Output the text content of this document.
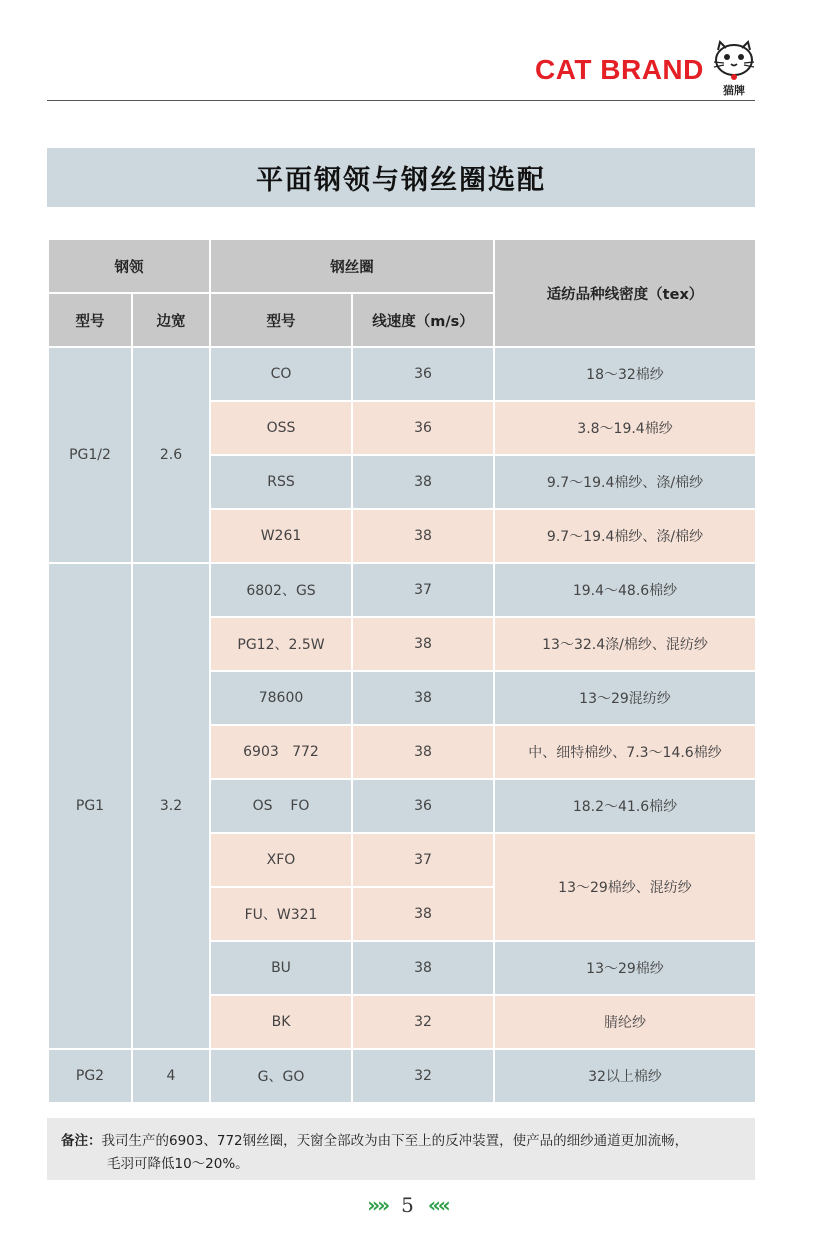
CAT BRAND
猫牌
平面钢领与钢丝圈选配
钢领		钢丝圈		适纺品种线密度（tex）
型号	边宽	型号	线速度（m/s）	
PG1/2	2.6	CO	36	18～32棉纱
		OSS	36	3.8～19.4棉纱
		RSS	38	9.7～19.4棉纱、涤/棉纱
		W261	38	9.7～19.4棉纱、涤/棉纱
PG1	3.2	6802、GS	37	19.4～48.6棉纱
		PG12、2.5W	38	13～32.4涤/棉纱、混纺纱
		78600	38	13～29混纺纱
		6903   772	38	中、细特棉纱、7.3～14.6棉纱
		OS    FO	36	18.2～41.6棉纱
		XFO	37	13～29棉纱、混纺纱
		FU、W321	38	
		BU	38	13～29棉纱
		BK	32	腈纶纱
PG2	4	G、GO	32	32以上棉纱
备注：我司生产的6903、772钢丝圈，天窗全部改为由下至上的反冲装置，使产品的细纱通道更加流畅，
毛羽可降低10～20%。
»» 5 ««
